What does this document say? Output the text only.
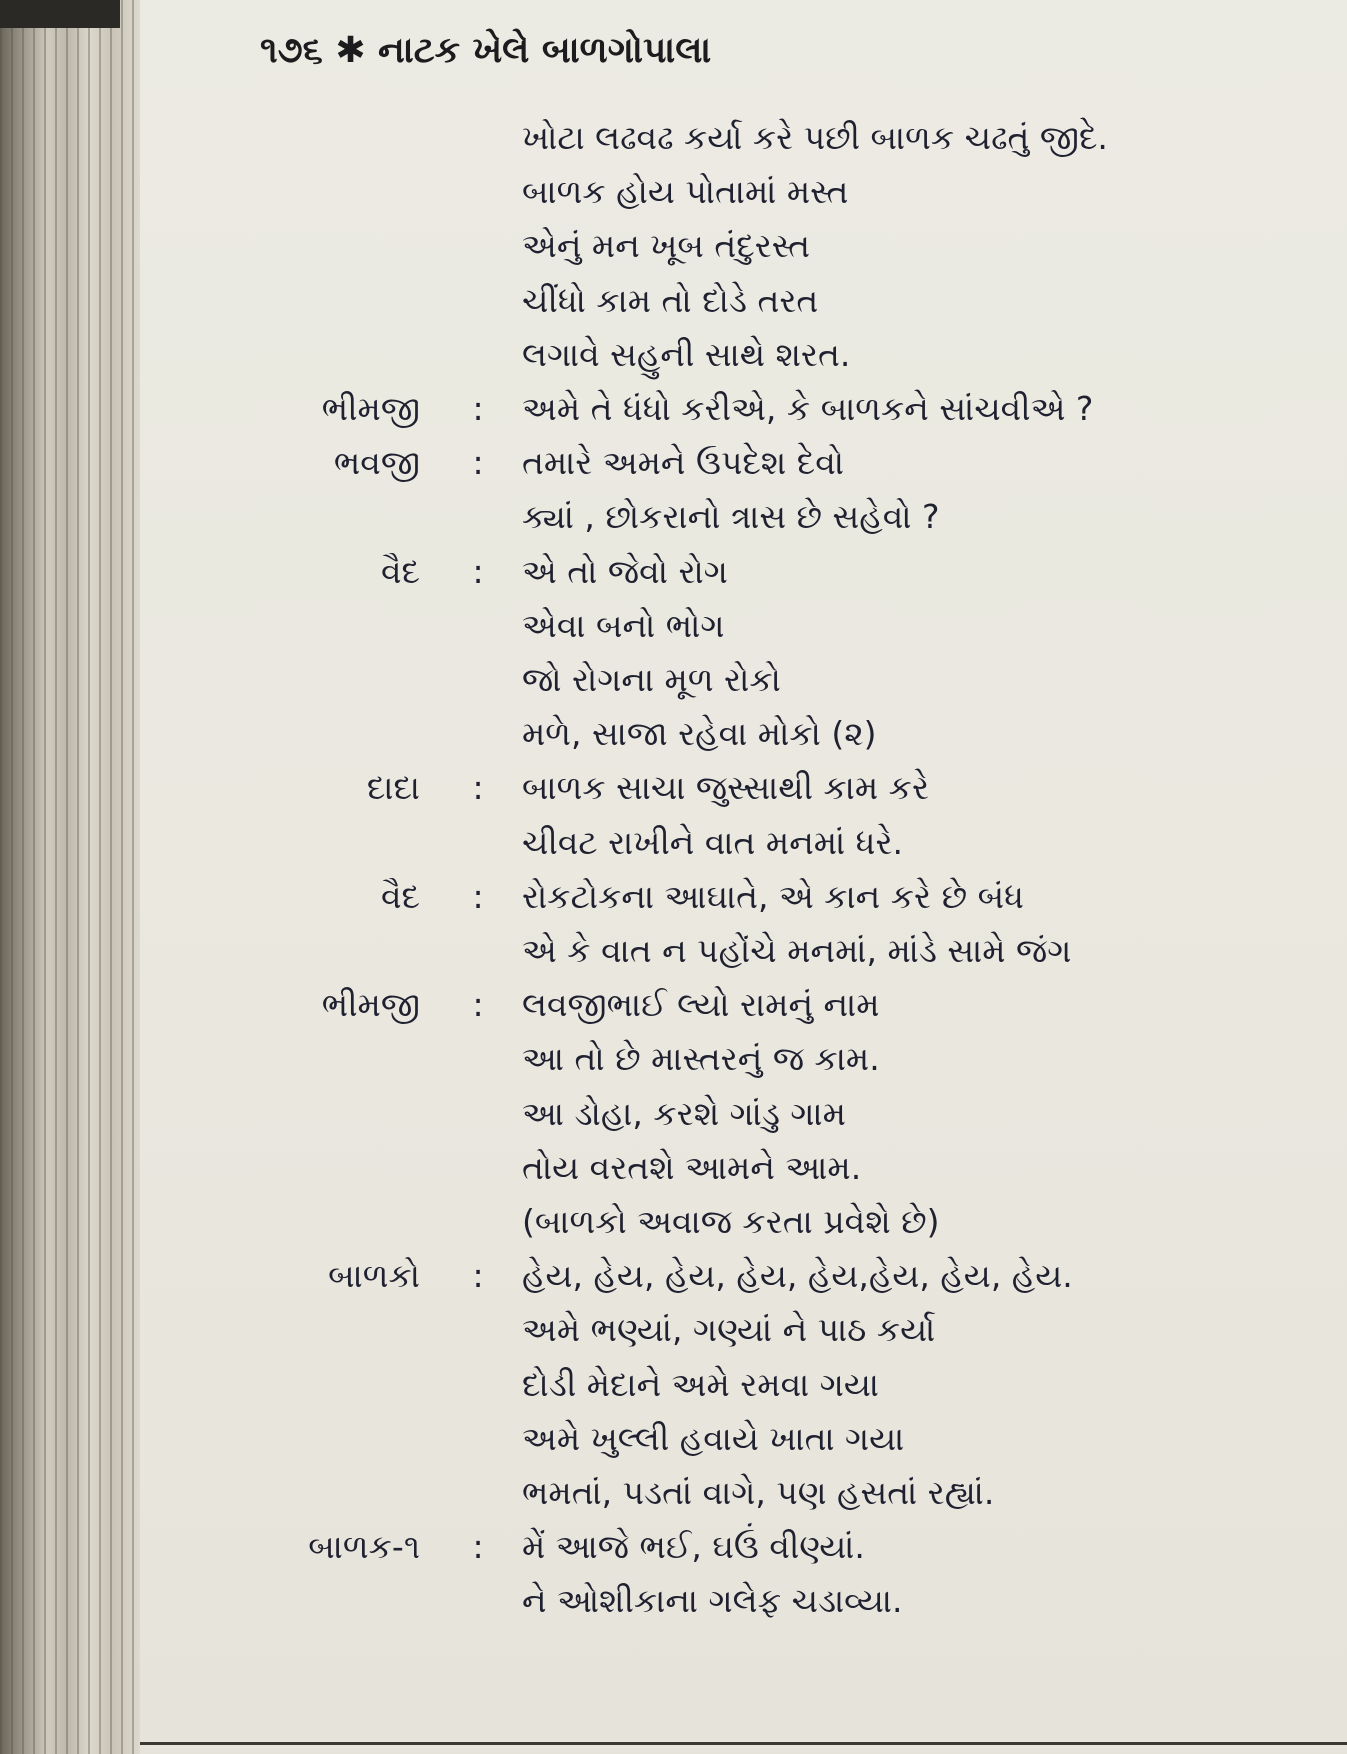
૧૭૬ ✱ નાટક ખેલે બાળગોપાલા
ખોટા લઢવઢ કર્યા કરે પછી બાળક ચઢતું જીદે.
બાળક હોય પોતામાં મસ્ત
એનું મન ખૂબ તંદુરસ્ત
ચીંધો કામ તો દોડે તરત
લગાવે સહુની સાથે શરત.
ભીમજી : અમે તે ધંધો કરીએ, કે બાળકને સાંચવીએ ?
ભવજી : તમારે અમને ઉપદેશ દેવો
ક્યાં , છોકરાનો ત્રાસ છે સહેવો ?
વૈદ : એ તો જેવો રોગ
એવા બનો ભોગ
જો રોગના મૂળ રોકો
મળે, સાજા રહેવા મોકો (૨)
દાદા : બાળક સાચા જુસ્સાથી કામ કરે
ચીવટ રાખીને વાત મનમાં ધરે.
વૈદ : રોકટોકના આઘાતે, એ કાન કરે છે બંધ
એ કે વાત ન પહોંચે મનમાં, માંડે સામે જંગ
ભીમજી : લવજીભાઈ લ્યો રામનું નામ
આ તો છે માસ્તરનું જ કામ.
આ ડોહા, કરશે ગાંડુ ગામ
તોય વરતશે આમને આમ.
(બાળકો અવાજ કરતા પ્રવેશે છે)
બાળકો : હેય, હેય, હેય, હેય, હેય,હેય, હેય, હેય.
અમે ભણ્યાં, ગણ્યાં ને પાઠ કર્યા
દોડી મેદાને અમે રમવા ગયા
અમે ખુલ્લી હવાયે ખાતા ગયા
ભમતાં, પડતાં વાગે, પણ હસતાં રહ્યાં.
બાળક-૧ : મેં આજે ભઈ, ઘઉં વીણ્યાં.
ને ઓશીકાના ગલેફ ચડાવ્યા.
